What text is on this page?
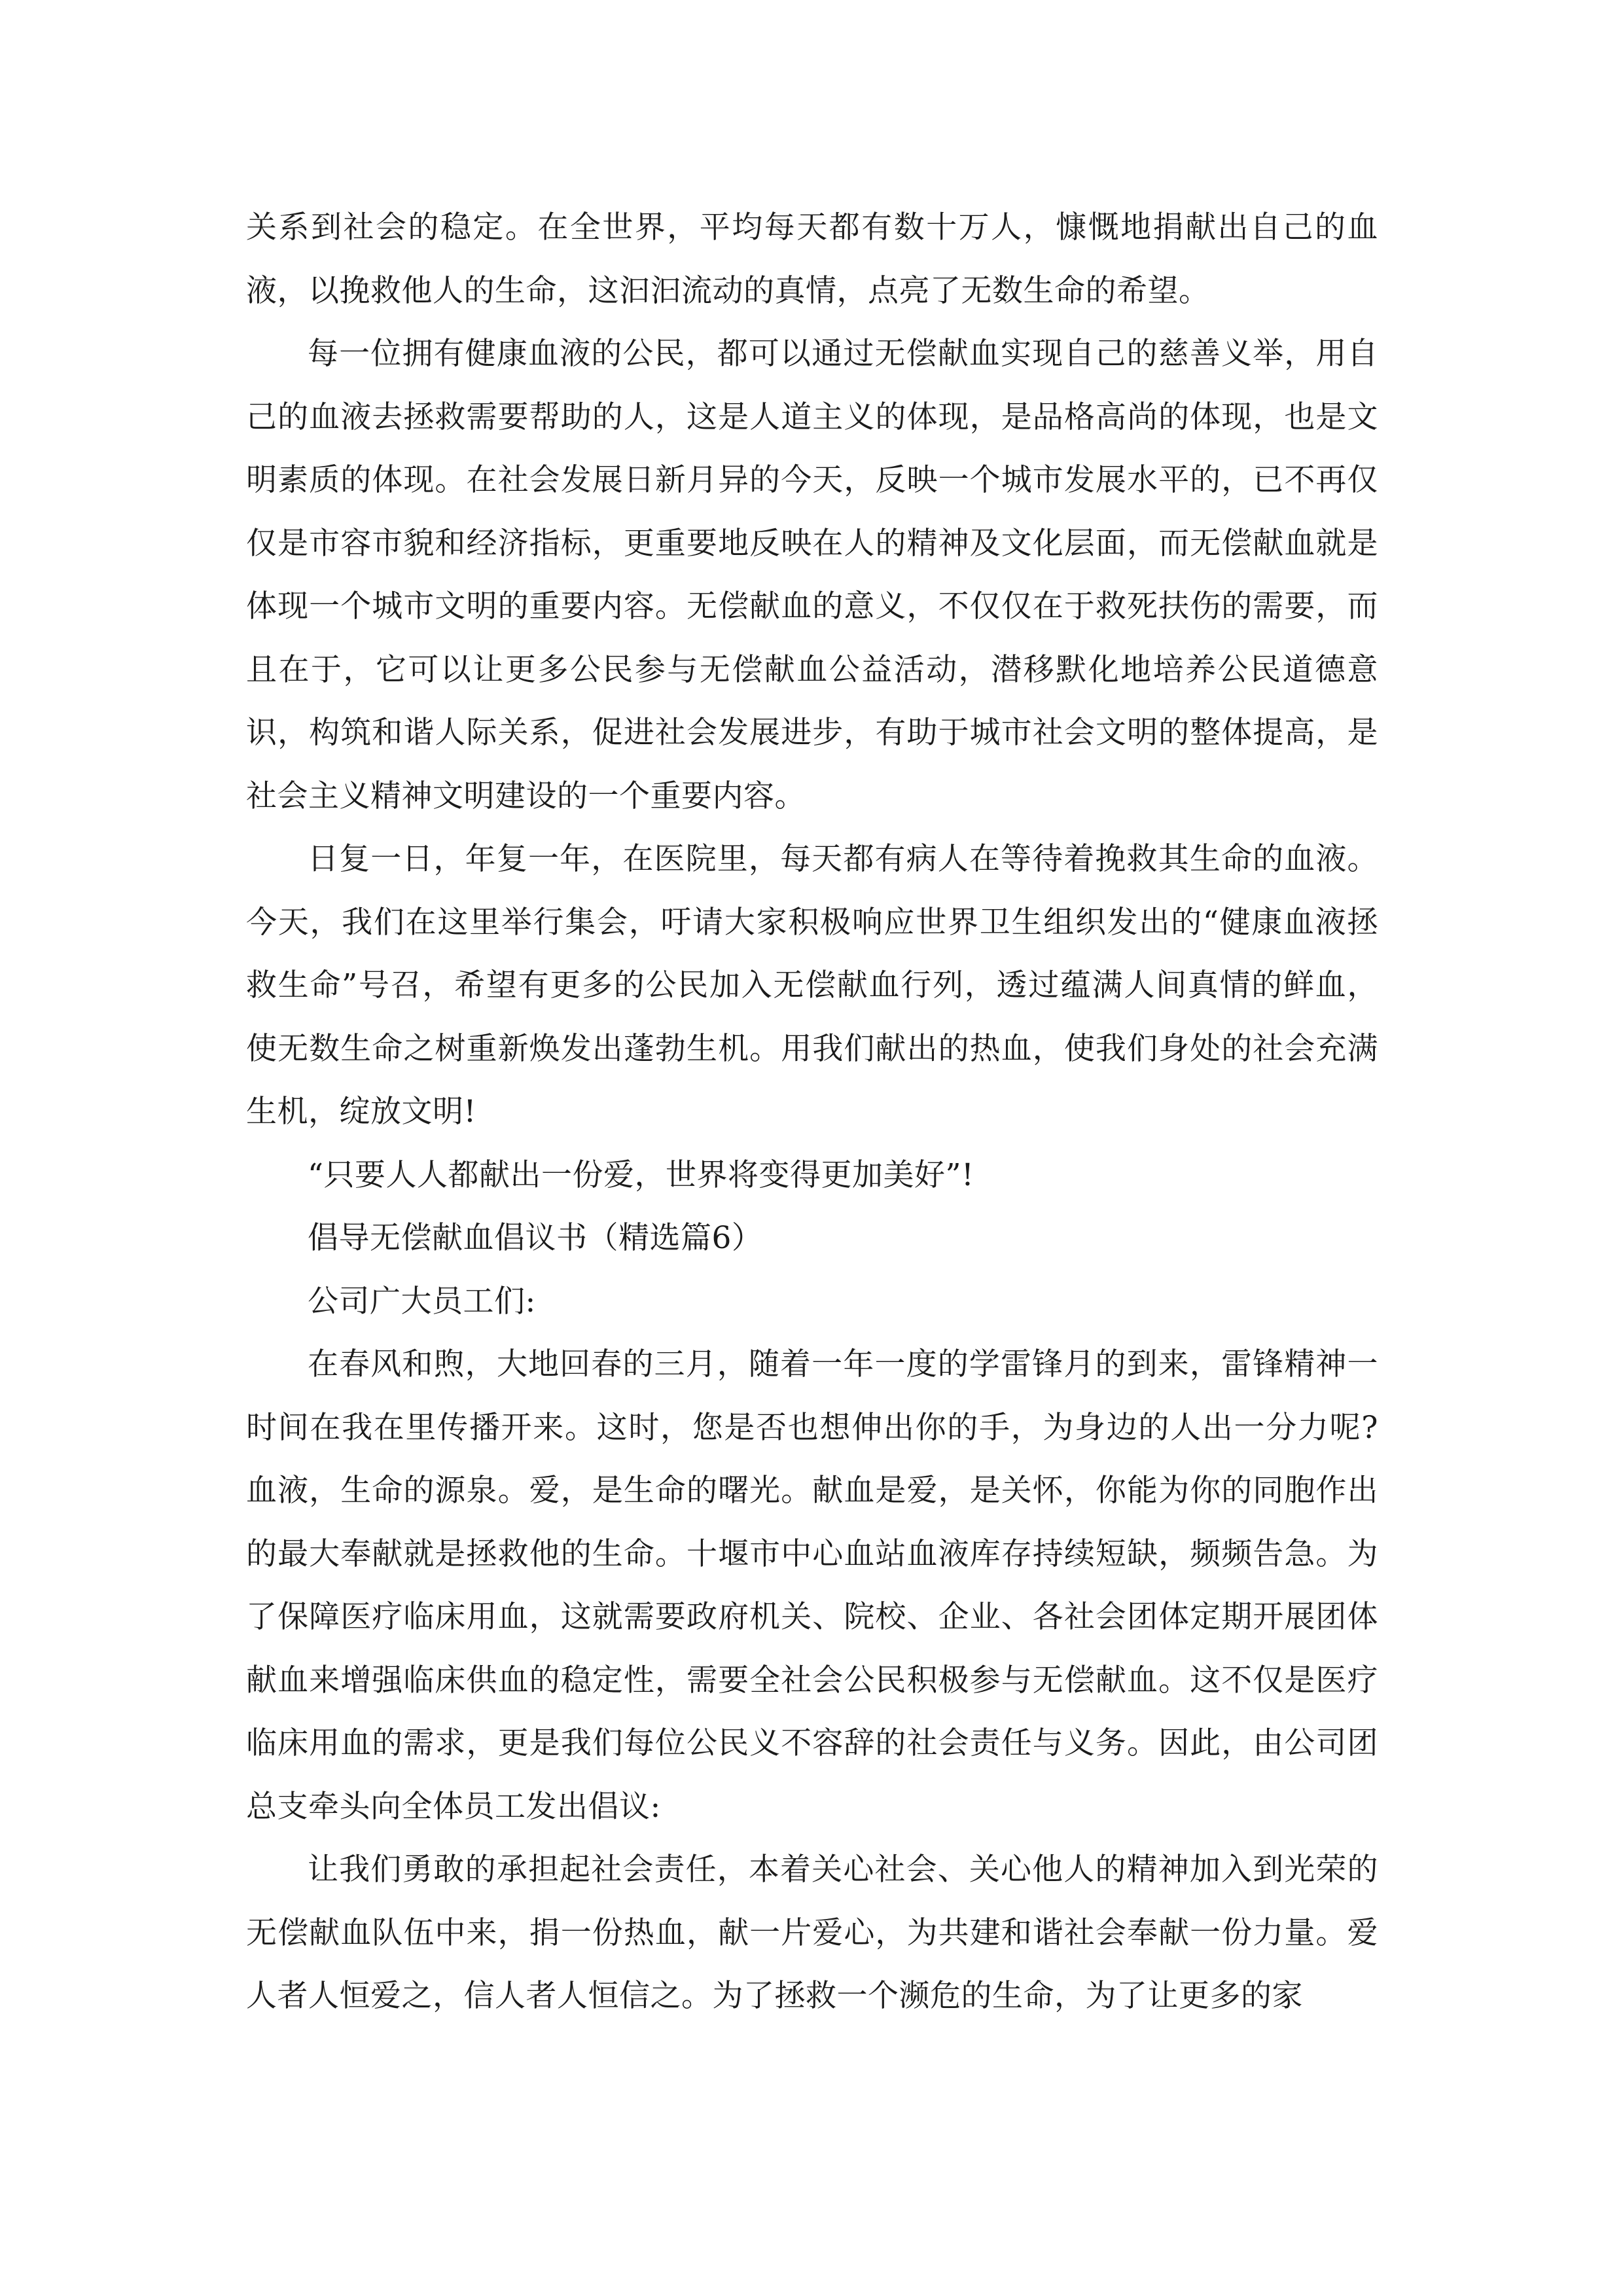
关系到社会的稳定。在全世界，平均每天都有数十万人，慷慨地捐献出自己的血液，以挽救他人的生命，这汩汩流动的真情，点亮了无数生命的希望。

每一位拥有健康血液的公民，都可以通过无偿献血实现自己的慈善义举，用自己的血液去拯救需要帮助的人，这是人道主义的体现，是品格高尚的体现，也是文明素质的体现。在社会发展日新月异的今天，反映一个城市发展水平的，已不再仅仅是市容市貌和经济指标，更重要地反映在人的精神及文化层面，而无偿献血就是体现一个城市文明的重要内容。无偿献血的意义，不仅仅在于救死扶伤的需要，而且在于，它可以让更多公民参与无偿献血公益活动，潜移默化地培养公民道德意识，构筑和谐人际关系，促进社会发展进步，有助于城市社会文明的整体提高，是社会主义精神文明建设的一个重要内容。

日复一日，年复一年，在医院里，每天都有病人在等待着挽救其生命的血液。今天，我们在这里举行集会，吁请大家积极响应世界卫生组织发出的“健康血液拯救生命”号召，希望有更多的公民加入无偿献血行列，透过蕴满人间真情的鲜血，使无数生命之树重新焕发出蓬勃生机。用我们献出的热血，使我们身处的社会充满生机，绽放文明!

“只要人人都献出一份爱，世界将变得更加美好”!

倡导无偿献血倡议书（精选篇6）

公司广大员工们:

在春风和煦，大地回春的三月，随着一年一度的学雷锋月的到来，雷锋精神一时间在我在里传播开来。这时，您是否也想伸出你的手，为身边的人出一分力呢? 血液，生命的源泉。爱，是生命的曙光。献血是爱，是关怀，你能为你的同胞作出的最大奉献就是拯救他的生命。十堰市中心血站血液库存持续短缺，频频告急。为了保障医疗临床用血，这就需要政府机关、院校、企业、各社会团体定期开展团体献血来增强临床供血的稳定性，需要全社会公民积极参与无偿献血。这不仅是医疗临床用血的需求，更是我们每位公民义不容辞的社会责任与义务。因此，由公司团总支牵头向全体员工发出倡议:

让我们勇敢的承担起社会责任，本着关心社会、关心他人的精神加入到光荣的无偿献血队伍中来，捐一份热血，献一片爱心，为共建和谐社会奉献一份力量。爱人者人恒爱之，信人者人恒信之。为了拯救一个濒危的生命，为了让更多的家
